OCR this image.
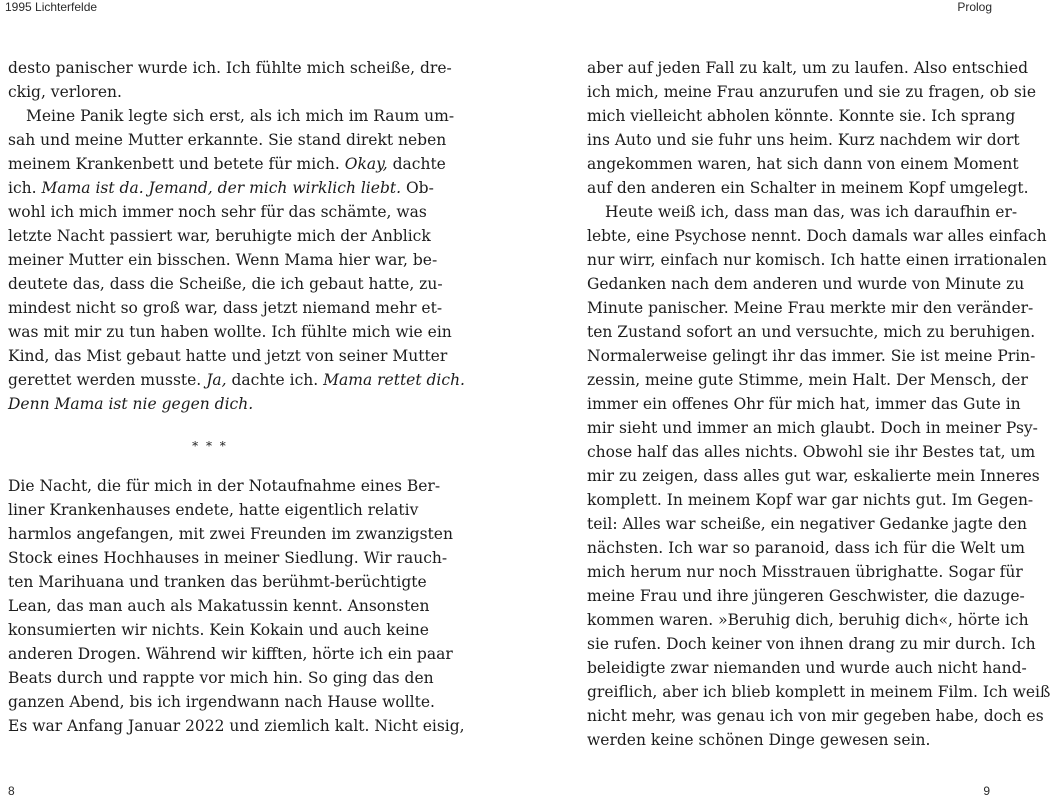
1995 Lichterfelde	Prolog
desto panischer wurde ich. Ich fühlte mich scheiße, dre-
ckig, verloren.
Meine Panik legte sich erst, als ich mich im Raum um-
sah und meine Mutter erkannte. Sie stand direkt neben
meinem Krankenbett und betete für mich. Okay, dachte
ich. Mama ist da. Jemand, der mich wirklich liebt. Ob-
wohl ich mich immer noch sehr für das schämte, was
letzte Nacht passiert war, beruhigte mich der Anblick
meiner Mutter ein bisschen. Wenn Mama hier war, be-
deutete das, dass die Scheiße, die ich gebaut hatte, zu-
mindest nicht so groß war, dass jetzt niemand mehr et-
was mit mir zu tun haben wollte. Ich fühlte mich wie ein
Kind, das Mist gebaut hatte und jetzt von seiner Mutter
gerettet werden musste. Ja, dachte ich. Mama rettet dich.
Denn Mama ist nie gegen dich.
* * *
Die Nacht, die für mich in der Notaufnahme eines Ber-
liner Krankenhauses endete, hatte eigentlich relativ
harmlos angefangen, mit zwei Freunden im zwanzigsten
Stock eines Hochhauses in meiner Siedlung. Wir rauch-
ten Marihuana und tranken das berühmt-berüchtigte
Lean, das man auch als Makatussin kennt. Ansonsten
konsumierten wir nichts. Kein Kokain und auch keine
anderen Drogen. Während wir kifften, hörte ich ein paar
Beats durch und rappte vor mich hin. So ging das den
ganzen Abend, bis ich irgendwann nach Hause wollte.
Es war Anfang Januar 2022 und ziemlich kalt. Nicht eisig,
aber auf jeden Fall zu kalt, um zu laufen. Also entschied
ich mich, meine Frau anzurufen und sie zu fragen, ob sie
mich vielleicht abholen könnte. Konnte sie. Ich sprang
ins Auto und sie fuhr uns heim. Kurz nachdem wir dort
angekommen waren, hat sich dann von einem Moment
auf den anderen ein Schalter in meinem Kopf umgelegt.
Heute weiß ich, dass man das, was ich daraufhin er-
lebte, eine Psychose nennt. Doch damals war alles einfach
nur wirr, einfach nur komisch. Ich hatte einen irrationalen
Gedanken nach dem anderen und wurde von Minute zu
Minute panischer. Meine Frau merkte mir den veränder-
ten Zustand sofort an und versuchte, mich zu beruhigen.
Normalerweise gelingt ihr das immer. Sie ist meine Prin-
zessin, meine gute Stimme, mein Halt. Der Mensch, der
immer ein offenes Ohr für mich hat, immer das Gute in
mir sieht und immer an mich glaubt. Doch in meiner Psy-
chose half das alles nichts. Obwohl sie ihr Bestes tat, um
mir zu zeigen, dass alles gut war, eskalierte mein Inneres
komplett. In meinem Kopf war gar nichts gut. Im Gegen-
teil: Alles war scheiße, ein negativer Gedanke jagte den
nächsten. Ich war so paranoid, dass ich für die Welt um
mich herum nur noch Misstrauen übrighatte. Sogar für
meine Frau und ihre jüngeren Geschwister, die dazuge-
kommen waren. »Beruhig dich, beruhig dich«, hörte ich
sie rufen. Doch keiner von ihnen drang zu mir durch. Ich
beleidigte zwar niemanden und wurde auch nicht hand-
greiflich, aber ich blieb komplett in meinem Film. Ich weiß
nicht mehr, was genau ich von mir gegeben habe, doch es
werden keine schönen Dinge gewesen sein.
8	9
